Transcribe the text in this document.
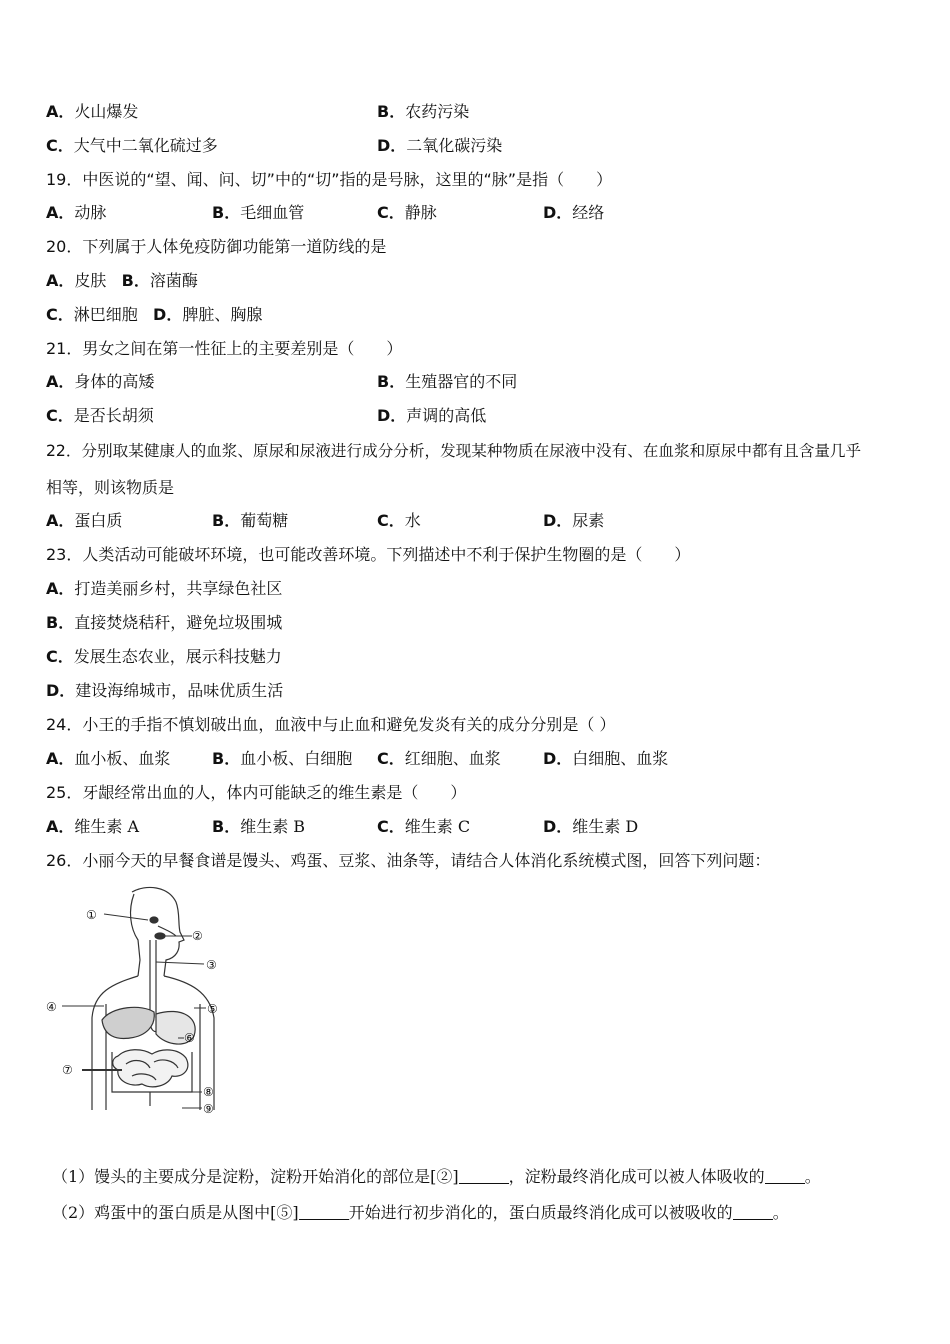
A．火山爆发	B．农药污染
C．大气中二氧化硫过多	D．二氧化碳污染
19．中医说的“望、闻、问、切”中的“切”指的是号脉，这里的“脉”是指（　　）
A．动脉	B．毛细血管	C．静脉	D．经络
20．下列属于人体免疫防御功能第一道防线的是
A．皮肤 B．溶菌酶
C．淋巴细胞 D．脾脏、胸腺
21．男女之间在第一性征上的主要差别是（　　）
A．身体的高矮	B．生殖器官的不同
C．是否长胡须	D．声调的高低
22．分别取某健康人的血浆、原尿和尿液进行成分分析，发现某种物质在尿液中没有、在血浆和原尿中都有且含量几乎
相等，则该物质是
A．蛋白质	B．葡萄糖	C．水	D．尿素
23．人类活动可能破坏环境，也可能改善环境。下列描述中不利于保护生物圈的是（　　）
A．打造美丽乡村，共享绿色社区
B．直接焚烧秸秆，避免垃圾围城
C．发展生态农业，展示科技魅力
D．建设海绵城市，品味优质生活
24．小王的手指不慎划破出血，血液中与止血和避免发炎有关的成分分别是（ ）
A．血小板、血浆	B．血小板、白细胞 C．红细胞、血浆	D．白细胞、血浆
25．牙龈经常出血的人，体内可能缺乏的维生素是（　　）
A．维生素 A	B．维生素 B	C．维生素 C	D．维生素 D
26．小丽今天的早餐食谱是馒头、鸡蛋、豆浆、油条等，请结合人体消化系统模式图，回答下列问题：
①
②
③
④	⑤
⑥
⑦
⑧
⑨
（1）馒头的主要成分是淀粉，淀粉开始消化的部位是[②]	，淀粉最终消化成可以被人体吸收的	。
（2）鸡蛋中的蛋白质是从图中[⑤]	开始进行初步消化的，蛋白质最终消化成可以被吸收的	。
